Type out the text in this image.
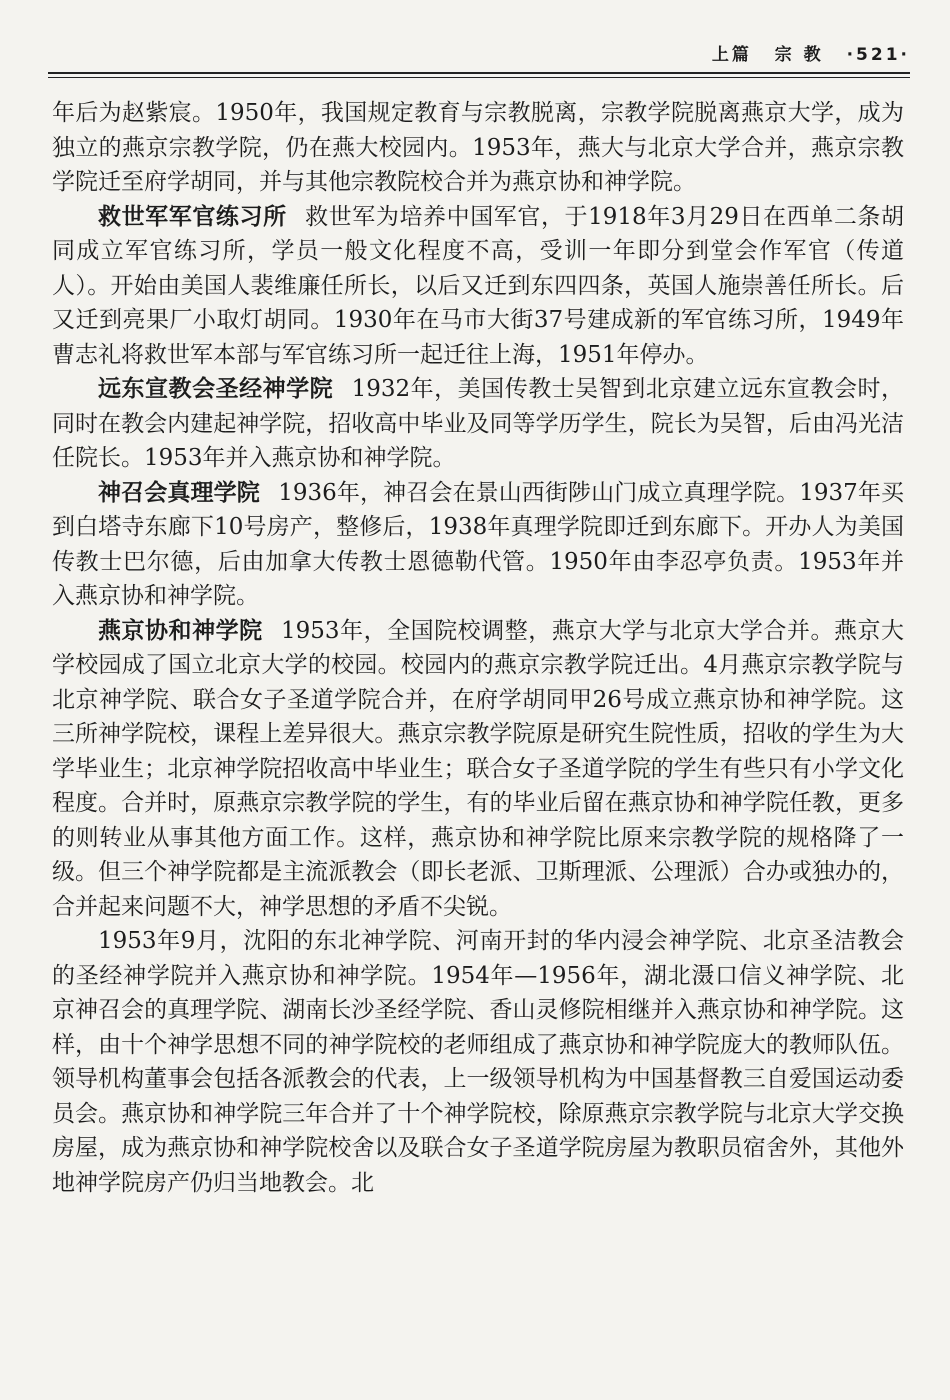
上篇 宗 教 ·521·

年后为赵紫宸。1950年，我国规定教育与宗教脱离，宗教学院脱离燕京大学，成为独立的燕京宗教学院，仍在燕大校园内。1953年，燕大与北京大学合并，燕京宗教学院迁至府学胡同，并与其他宗教院校合并为燕京协和神学院。

救世军军官练习所 救世军为培养中国军官，于1918年3月29日在西单二条胡同成立军官练习所，学员一般文化程度不高，受训一年即分到堂会作军官（传道人）。开始由美国人裴维廉任所长，以后又迁到东四四条，英国人施崇善任所长。后又迁到亮果厂小取灯胡同。1930年在马市大街37号建成新的军官练习所，1949年曹志礼将救世军本部与军官练习所一起迁往上海，1951年停办。

远东宣教会圣经神学院 1932年，美国传教士吴智到北京建立远东宣教会时，同时在教会内建起神学院，招收高中毕业及同等学历学生，院长为吴智，后由冯光洁任院长。1953年并入燕京协和神学院。

神召会真理学院 1936年，神召会在景山西街陟山门成立真理学院。1937年买到白塔寺东廊下10号房产，整修后，1938年真理学院即迁到东廊下。开办人为美国传教士巴尔德，后由加拿大传教士恩德勒代管。1950年由李忍亭负责。1953年并入燕京协和神学院。

燕京协和神学院 1953年，全国院校调整，燕京大学与北京大学合并。燕京大学校园成了国立北京大学的校园。校园内的燕京宗教学院迁出。4月燕京宗教学院与北京神学院、联合女子圣道学院合并，在府学胡同甲26号成立燕京协和神学院。这三所神学院校，课程上差异很大。燕京宗教学院原是研究生院性质，招收的学生为大学毕业生；北京神学院招收高中毕业生；联合女子圣道学院的学生有些只有小学文化程度。合并时，原燕京宗教学院的学生，有的毕业后留在燕京协和神学院任教，更多的则转业从事其他方面工作。这样，燕京协和神学院比原来宗教学院的规格降了一级。但三个神学院都是主流派教会（即长老派、卫斯理派、公理派）合办或独办的，合并起来问题不大，神学思想的矛盾不尖锐。

1953年9月，沈阳的东北神学院、河南开封的华内浸会神学院、北京圣洁教会的圣经神学院并入燕京协和神学院。1954年—1956年，湖北滠口信义神学院、北京神召会的真理学院、湖南长沙圣经学院、香山灵修院相继并入燕京协和神学院。这样，由十个神学思想不同的神学院校的老师组成了燕京协和神学院庞大的教师队伍。领导机构董事会包括各派教会的代表，上一级领导机构为中国基督教三自爱国运动委员会。燕京协和神学院三年合并了十个神学院校，除原燕京宗教学院与北京大学交换房屋，成为燕京协和神学院校舍以及联合女子圣道学院房屋为教职员宿舍外，其他外地神学院房产仍归当地教会。北
